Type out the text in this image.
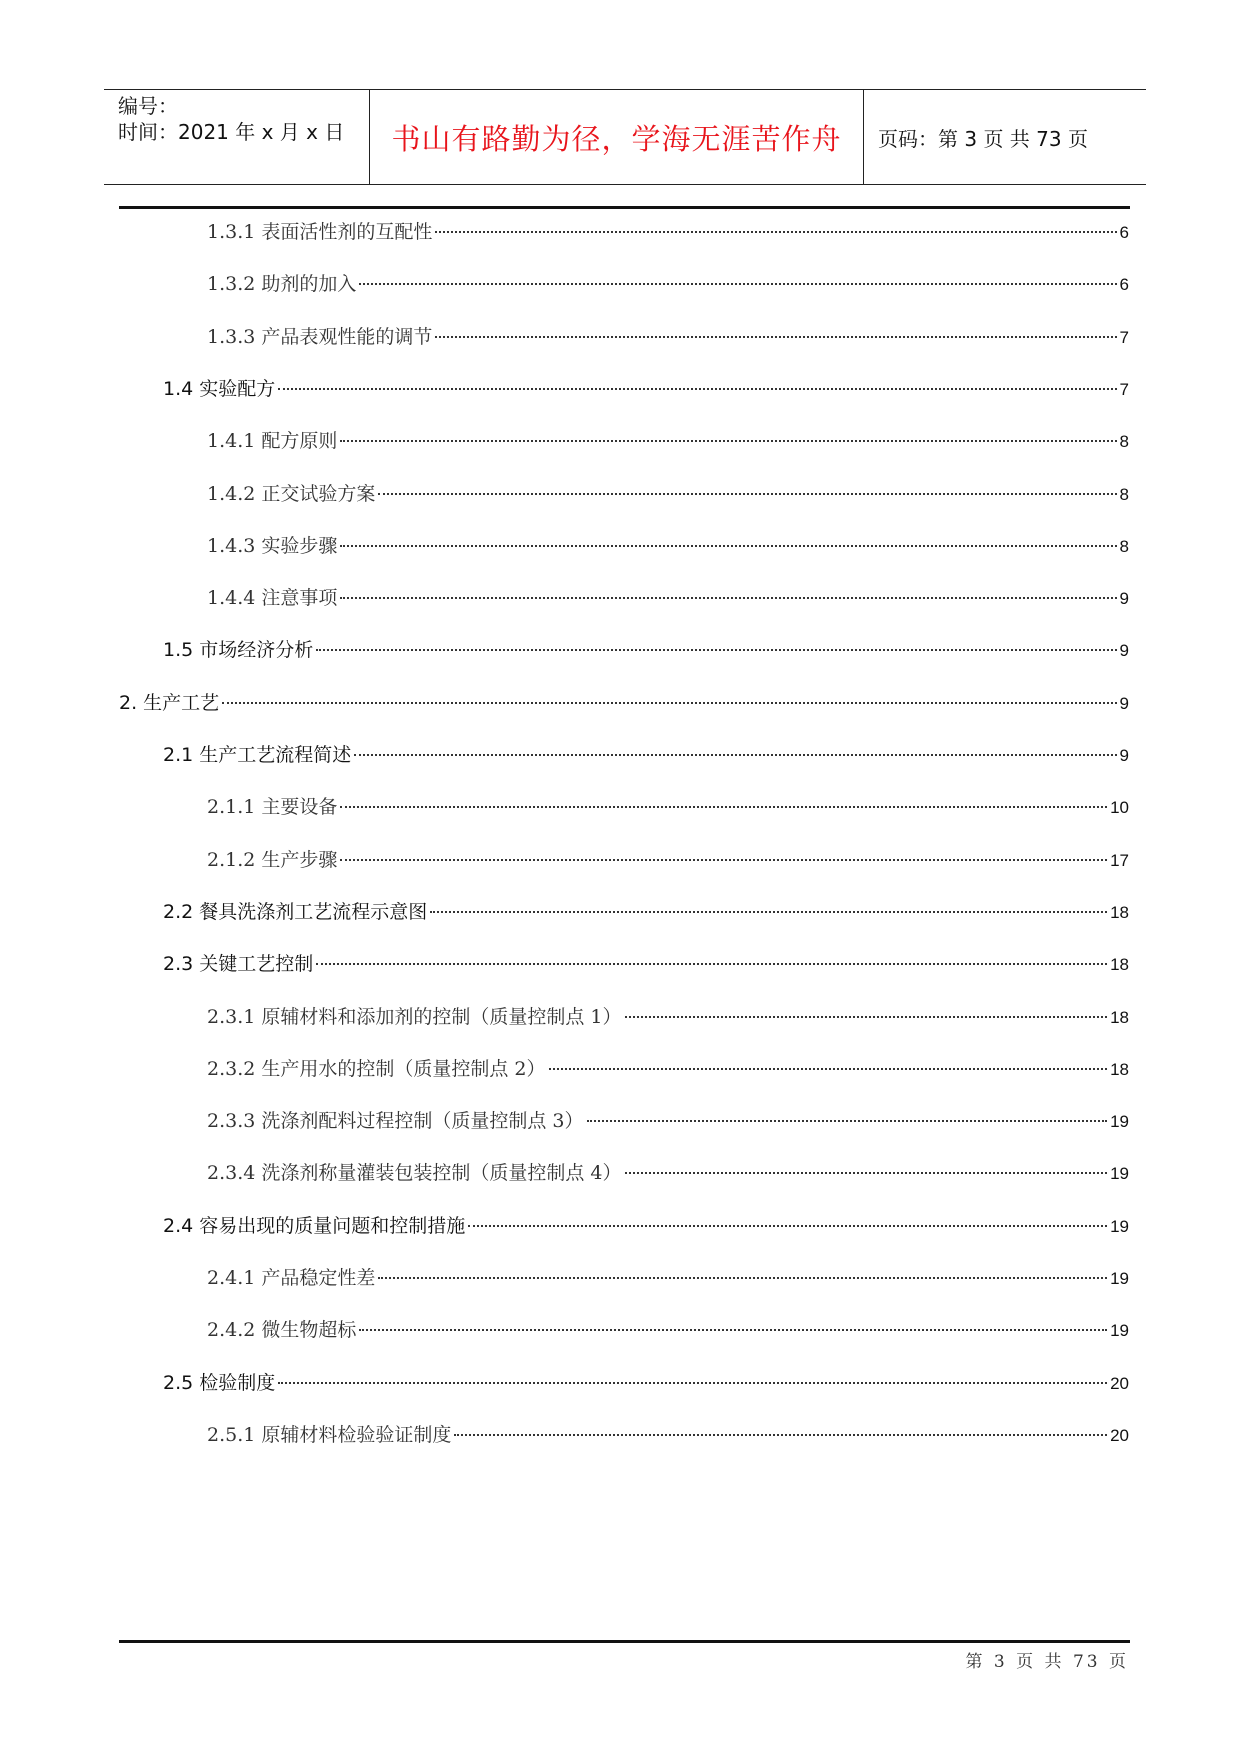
编号：
时间：2021 年 x 月 x 日 书山有路勤为径，学海无涯苦作舟 页码：第 3 页 共 73 页
1.3.1 表面活性剂的互配性	6
1.3.2 助剂的加入	6
1.3.3 产品表观性能的调节	7
1.4 实验配方	7
1.4.1 配方原则	8
1.4.2 正交试验方案	8
1.4.3 实验步骤	8
1.4.4 注意事项	9
1.5 市场经济分析	9
2. 生产工艺	9
2.1 生产工艺流程简述	9
2.1.1 主要设备	10
2.1.2 生产步骤	17
2.2 餐具洗涤剂工艺流程示意图	18
2.3 关键工艺控制	18
2.3.1 原辅材料和添加剂的控制（质量控制点 1）	18
2.3.2 生产用水的控制（质量控制点 2）	18
2.3.3 洗涤剂配料过程控制（质量控制点 3）	19
2.3.4 洗涤剂称量灌装包装控制（质量控制点 4）	19
2.4 容易出现的质量问题和控制措施	19
2.4.1 产品稳定性差	19
2.4.2 微生物超标	19
2.5 检验制度	20
2.5.1 原辅材料检验验证制度	20
第 3 页 共 73 页
